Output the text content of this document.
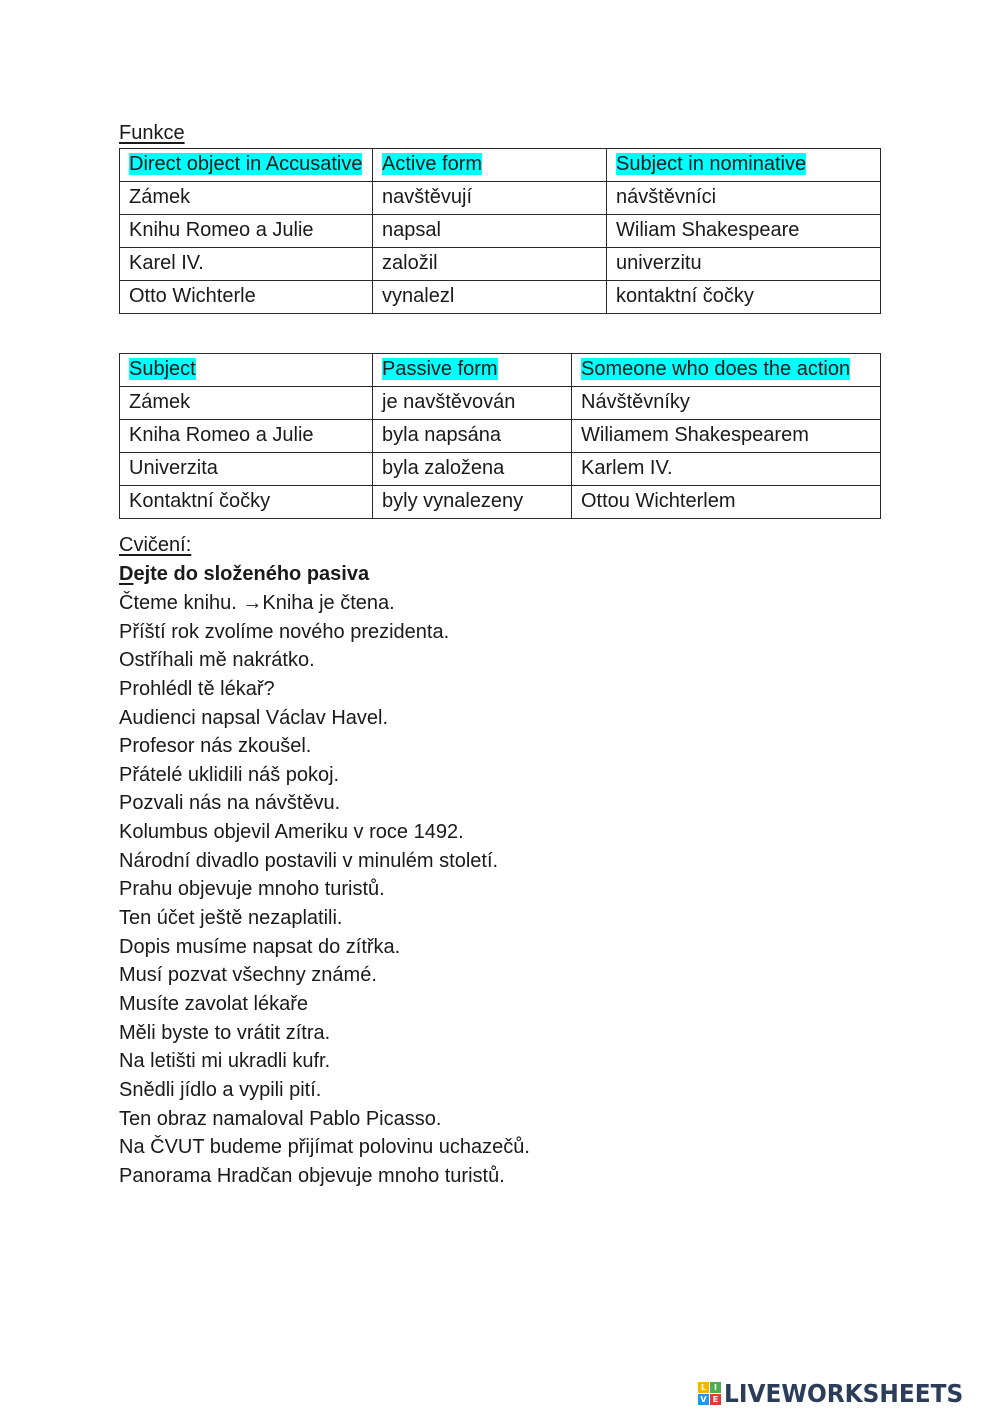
Funkce
Direct object in Accusative	Active form	Subject in nominative
Zámek	navštěvují	návštěvníci
Knihu Romeo a Julie	napsal	Wiliam Shakespeare
Karel IV.	založil	univerzitu
Otto Wichterle	vynalezl	kontaktní čočky
Subject	Passive form	Someone who does the action
Zámek	je navštěvován	Návštěvníky
Kniha Romeo a Julie	byla napsána	Wiliamem Shakespearem
Univerzita	byla založena	Karlem IV.
Kontaktní čočky	byly vynalezeny	Ottou Wichterlem
Cvičení:
Dejte do složeného pasiva
Čteme knihu. →Kniha je čtena.
Příští rok zvolíme nového prezidenta.
Ostříhali mě nakrátko.
Prohlédl tě lékař?
Audienci napsal Václav Havel.
Profesor nás zkoušel.
Přátelé uklidili náš pokoj.
Pozvali nás na návštěvu.
Kolumbus objevil Ameriku v roce 1492.
Národní divadlo postavili v minulém století.
Prahu objevuje mnoho turistů.
Ten účet ještě nezaplatili.
Dopis musíme napsat do zítřka.
Musí pozvat všechny známé.
Musíte zavolat lékaře
Měli byste to vrátit zítra.
Na letišti mi ukradli kufr.
Snědli jídlo a vypili pití.
Ten obraz namaloval Pablo Picasso.
Na ČVUT budeme přijímat polovinu uchazečů.
Panorama Hradčan objevuje mnoho turistů.
L I
V E LIVEWORKSHEETS
